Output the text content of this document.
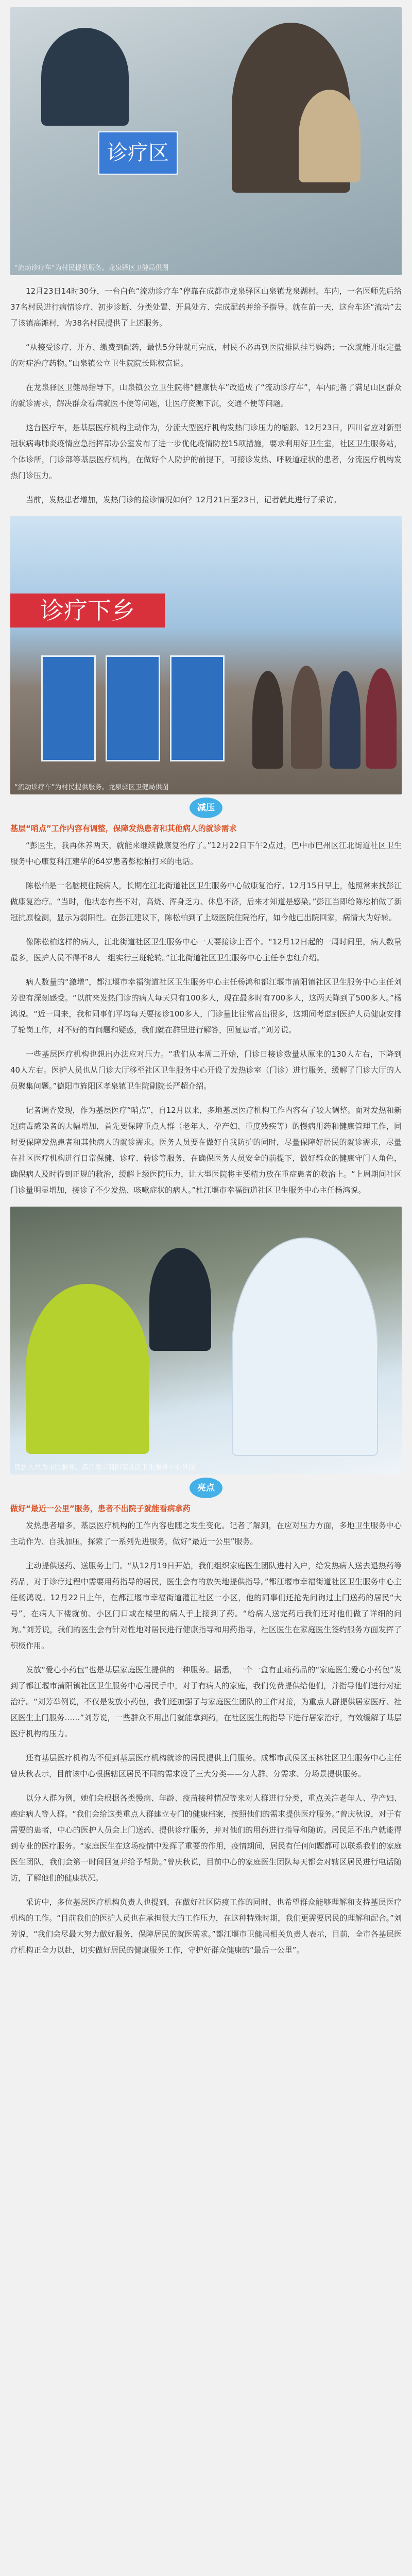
诊疗区
“流动诊疗车”为村民提供服务。龙泉驿区卫健局供图

12月23日14时30分，一台白色“流动诊疗车”停靠在成都市龙泉驿区山泉镇龙泉湖村。车内，一名医师先后给37名村民进行病情诊疗、初步诊断、分类处置、开具处方、完成配药并给予指导。就在前一天，这台车还“流动”去了该镇高滩村，为38名村民提供了上述服务。

“从接受诊疗、开方、缴费到配药，最快5分钟就可完成，村民不必再到医院排队挂号购药；一次就能开取定量的对症治疗药物。”山泉镇公立卫生院院长陈权富说。

在龙泉驿区卫健局指导下，山泉镇公立卫生院将“健康快车”改造成了“流动诊疗车”，车内配备了满足山区群众的就诊需求，解决群众看病就医不便等问题，让医疗资源下沉，交通不便等问题。

这台医疗车，是基层医疗机构主动作为，分流大型医疗机构发热门诊压力的缩影。12月23日，四川省应对新型冠状病毒肺炎疫情应急指挥部办公室发布了进一步优化疫情防控15项措施，要求利用好卫生室，社区卫生服务站，个体诊所，门诊部等基层医疗机构，在做好个人防护的前提下，可接诊发热、呼吸道症状的患者，分流医疗机构发热门诊压力。

当前，发热患者增加，发热门诊的接诊情况如何？12月21日至23日，记者就此进行了采访。

诊疗下乡
“流动诊疗车”为村民提供服务。龙泉驿区卫健局供图
减压

基层“哨点”工作内容有调整，保障发热患者和其他病人的就诊需求

“彭医生，我再休养两天，就能来继续做康复治疗了。”12月22日下午2点过，巴中市巴州区江北街道社区卫生服务中心康复科江建华的64岁患者彭松柏打来的电话。

陈松柏是一名脑梗住院病人，长期在江北街道社区卫生服务中心做康复治疗。12月15日早上，他照常来找彭江做康复治疗。“当时，他状态有些不对，高烧、浑身乏力、休息不济，后来才知道是感染。”彭江当即给陈松柏做了新冠抗原检测，显示为弱阳性。在彭江建议下，陈松柏到了上级医院住院治疗，如今他已出院回家，病情大为好转。

像陈松柏这样的病人，江北街道社区卫生服务中心一天要接诊上百个。“12月12日起的一周时间里，病人数量最多，医护人员不得不8人一组实行三班轮转。”江北街道社区卫生服务中心主任李忠红介绍。

病人数量的“激增”，都江堰市幸福街道社区卫生服务中心主任杨鸿和都江堰市蒲阳镇社区卫生服务中心主任刘芳也有深刻感受。“以前来发热门诊的病人每天只有100多人，现在最多时有700多人，这两天降到了500多人。”杨鸿说。“近一周来，我和同事们平均每天要接诊100多人，门诊量比往常高出很多，这期间考虑到医护人员健康安排了轮岗工作，对不好的有问题和疑惑，我们就在群里进行解答，回复患者。”刘芳说。

一些基层医疗机构也想出办法应对压力。“我们从本周二开始，门诊日接诊数量从原来的130人左右，下降到40人左右。医护人员也从门诊大厅移至社区卫生服务中心开设了发热诊室（门诊）进行服务，缓解了门诊大厅的人员聚集问题。”德阳市旌阳区孝泉镇卫生院副院长严超介绍。

记者调查发现，作为基层医疗“哨点”，自12月以来，多地基层医疗机构工作内容有了较大调整。面对发热和新冠病毒感染者的大幅增加，首先要保障重点人群（老年人、孕产妇、重度残疾等）的慢病用药和健康管理工作，同时要保障发热患者和其他病人的就诊需求。医务人员要在做好自我防护的同时，尽量保障好居民的就诊需求，尽量在社区医疗机构进行日常保健、诊疗、转诊等服务，在确保医务人员安全的前提下，做好群众的健康守门人角色，确保病人及时得到正规的救治，缓解上级医院压力，让大型医院将主要精力放在重症患者的救治上。“上周期间社区门诊量明显增加，接诊了不少发热、咳嗽症状的病人。”杜江堰市幸福街道社区卫生服务中心主任杨鸿说。

医护人员为市民服务。都江堰市蒲阳镇社区卫生服务中心供图
亮点

做好“最近一公里”服务，患者不出院子就能看病拿药

发热患者增多，基层医疗机构的工作内容也随之发生变化。记者了解到，在应对压力方面，多地卫生服务中心主动作为、自我加压，探索了一系列先进服务，做好“最近一公里”服务。

主动提供送药、送服务上门。“从12月19日开始，我们组织家庭医生团队进村入户，给发热病人送去退热药等药品，对于诊疗过程中需要用药指导的居民，医生会有的放矢地提供指导。”都江堰市幸福街道社区卫生服务中心主任杨鸿说。12月22日上午，在都江堰市幸福街道灌江社区一小区，他的同事们还抢先问询过上门送药的居民“大号”，在病人下楼就前、小区门口或在楼里的病人手上接到了药。“给病人送完药后我们还对他们做了详细的问询。”刘芳说，我们的医生会有针对性地对居民进行健康指导和用药指导，社区医生在家庭医生签约服务方面发挥了积极作用。

发放“爱心小药包”也是基层家庭医生提供的一种服务。据悉，一个一盒有止痛药品的“家庭医生爱心小药包”发到了都江堰市蒲阳镇社区卫生服务中心居民手中，对于有病人的家庭，我们免费提供给他们，并指导他们进行对症治疗。“刘芳举例说，不仅是发放小药包，我们还加强了与家庭医生团队的工作对接，为重点人群提供居家医疗、社区医生上门服务……”刘芳说，一些群众不用出门就能拿到药，在社区医生的指导下进行居家治疗，有效缓解了基层医疗机构的压力。

还有基层医疗机构为不便到基层医疗机构就诊的居民提供上门服务。成都市武侯区玉林社区卫生服务中心主任曾庆秋表示，目前该中心根据辖区居民不同的需求设了三大分类——分人群、分需求、分场景提供服务。

以分人群为例，她们会根据各类慢病、年龄、疫苗接种情况等来对人群进行分类，重点关注老年人、孕产妇、癌症病人等人群。“我们会给这类重点人群建立专门的健康档案，按照他们的需求提供医疗服务。”曾庆秋说，对于有需要的患者，中心的医护人员会上门送药、提供诊疗服务，并对他们的用药进行指导和随访。居民足不出户就能得到专业的医疗服务。“家庭医生在这场疫情中发挥了重要的作用，疫情期间，居民有任何问题都可以联系我们的家庭医生团队，我们会第一时间回复并给予帮助。”曾庆秋说，目前中心的家庭医生团队每天都会对辖区居民进行电话随访，了解他们的健康状况。

采访中，多位基层医疗机构负责人也提到，在做好社区防疫工作的同时，也希望群众能够理解和支持基层医疗机构的工作。“目前我们的医护人员也在承担很大的工作压力，在这种特殊时期，我们更需要居民的理解和配合。”刘芳说，“我们会尽最大努力做好服务，保障居民的就医需求。”都江堰市卫健局相关负责人表示，目前，全市各基层医疗机构正全力以赴，切实做好居民的健康服务工作，守护好群众健康的“最后一公里”。
